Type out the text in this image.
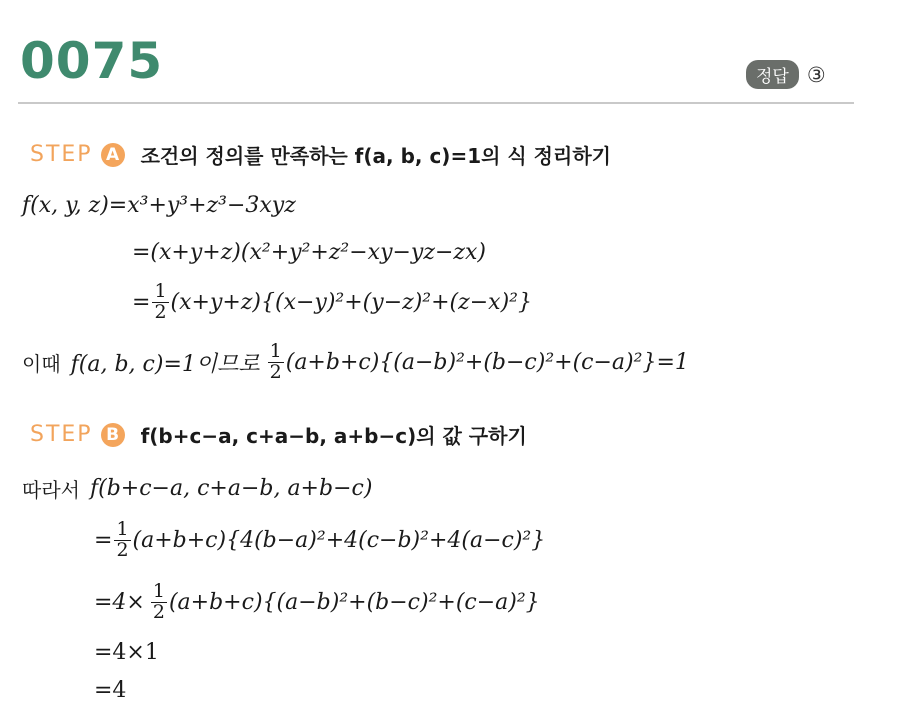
0075	정답 ③
STEP A 조건의 정의를 만족하는 f(a, b, c)=1의 식 정리하기
f(x, y, z)=x³+y³+z³−3xyz
=(x+y+z)(x²+y²+z²−xy−yz−zx)
= $\frac{1}{2} (x+y+z)\{(x-y)^2+(y-z)^2+(z-x)^2\}$
이때 f(a, b, c)=1이므로 $\frac{1}{2} (a+b+c)\{(a-b)^2+(b-c)^2+(c-a)^2\}=1$
STEP B f(b+c−a, c+a−b, a+b−c)의 값 구하기
따라서 f(b+c−a, c+a−b, a+b−c)
= $\frac{1}{2} (a+b+c)\{4(b-a)^2+4(c-b)^2+4(a-c)^2\}$
$=4\times \frac{1}{2} (a+b+c)\{(a-b)^2+(b-c)^2+(c-a)^2\}$
=4×1
=4
